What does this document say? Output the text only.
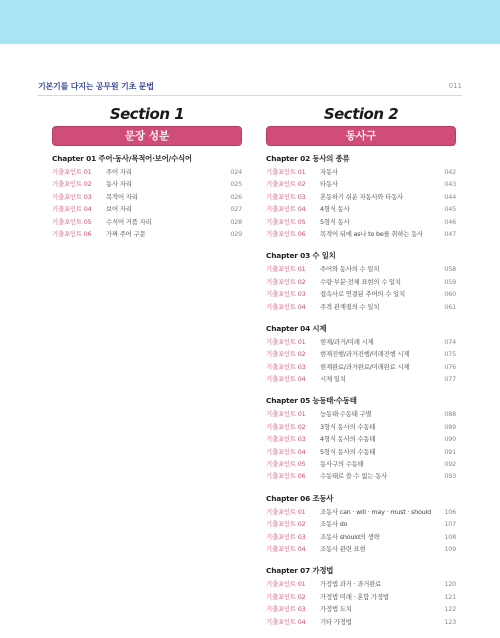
기본기를 다지는 공무원 기초 문법	011
Section 1
문장 성분
Section 2
동사구
Chapter 01 주어·동사/목적어·보어/수식어
기출포인트 01	주어 자리	024
기출포인트 02	동사 자리	025
기출포인트 03	목적어 자리	026
기출포인트 04	보어 자리	027
기출포인트 05	수식어 거품 자리	028
기출포인트 06	가짜 주어 구문	029
Chapter 02 동사의 종류
기출포인트 01	자동사	042
기출포인트 02	타동사	043
기출포인트 03	혼동하기 쉬운 자동사와 타동사	044
기출포인트 04	4형식 동사	045
기출포인트 05	5형식 동사	046
기출포인트 06	목적어 뒤에 as나 to be를 취하는 동사	047
Chapter 03 수 일치
기출포인트 01	주어와 동사의 수 일치	058
기출포인트 02	수량·부분·전체 표현의 수 일치	059
기출포인트 03	접속사로 연결된 주어의 수 일치	060
기출포인트 04	주격 관계절의 수 일치	061
Chapter 04 시제
기출포인트 01	현재/과거/미래 시제	074
기출포인트 02	현재진행/과거진행/미래진행 시제	075
기출포인트 03	현재완료/과거완료/미래완료 시제	076
기출포인트 04	시제 일치	077
Chapter 05 능동태·수동태
기출포인트 01	능동태·수동태 구별	088
기출포인트 02	3형식 동사의 수동태	089
기출포인트 03	4형식 동사의 수동태	090
기출포인트 04	5형식 동사의 수동태	091
기출포인트 05	동사구의 수동태	092
기출포인트 06	수동태로 쓸 수 없는 동사	093
Chapter 06 조동사
기출포인트 01	조동사 can · will · may · must · should	106
기출포인트 02	조동사 do	107
기출포인트 03	조동사 should의 생략	108
기출포인트 04	조동사 관련 표현	109
Chapter 07 가정법
기출포인트 01	가정법 과거 · 과거완료	120
기출포인트 02	가정법 미래 · 혼합 가정법	121
기출포인트 03	가정법 도치	122
기출포인트 04	기타 가정법	123
